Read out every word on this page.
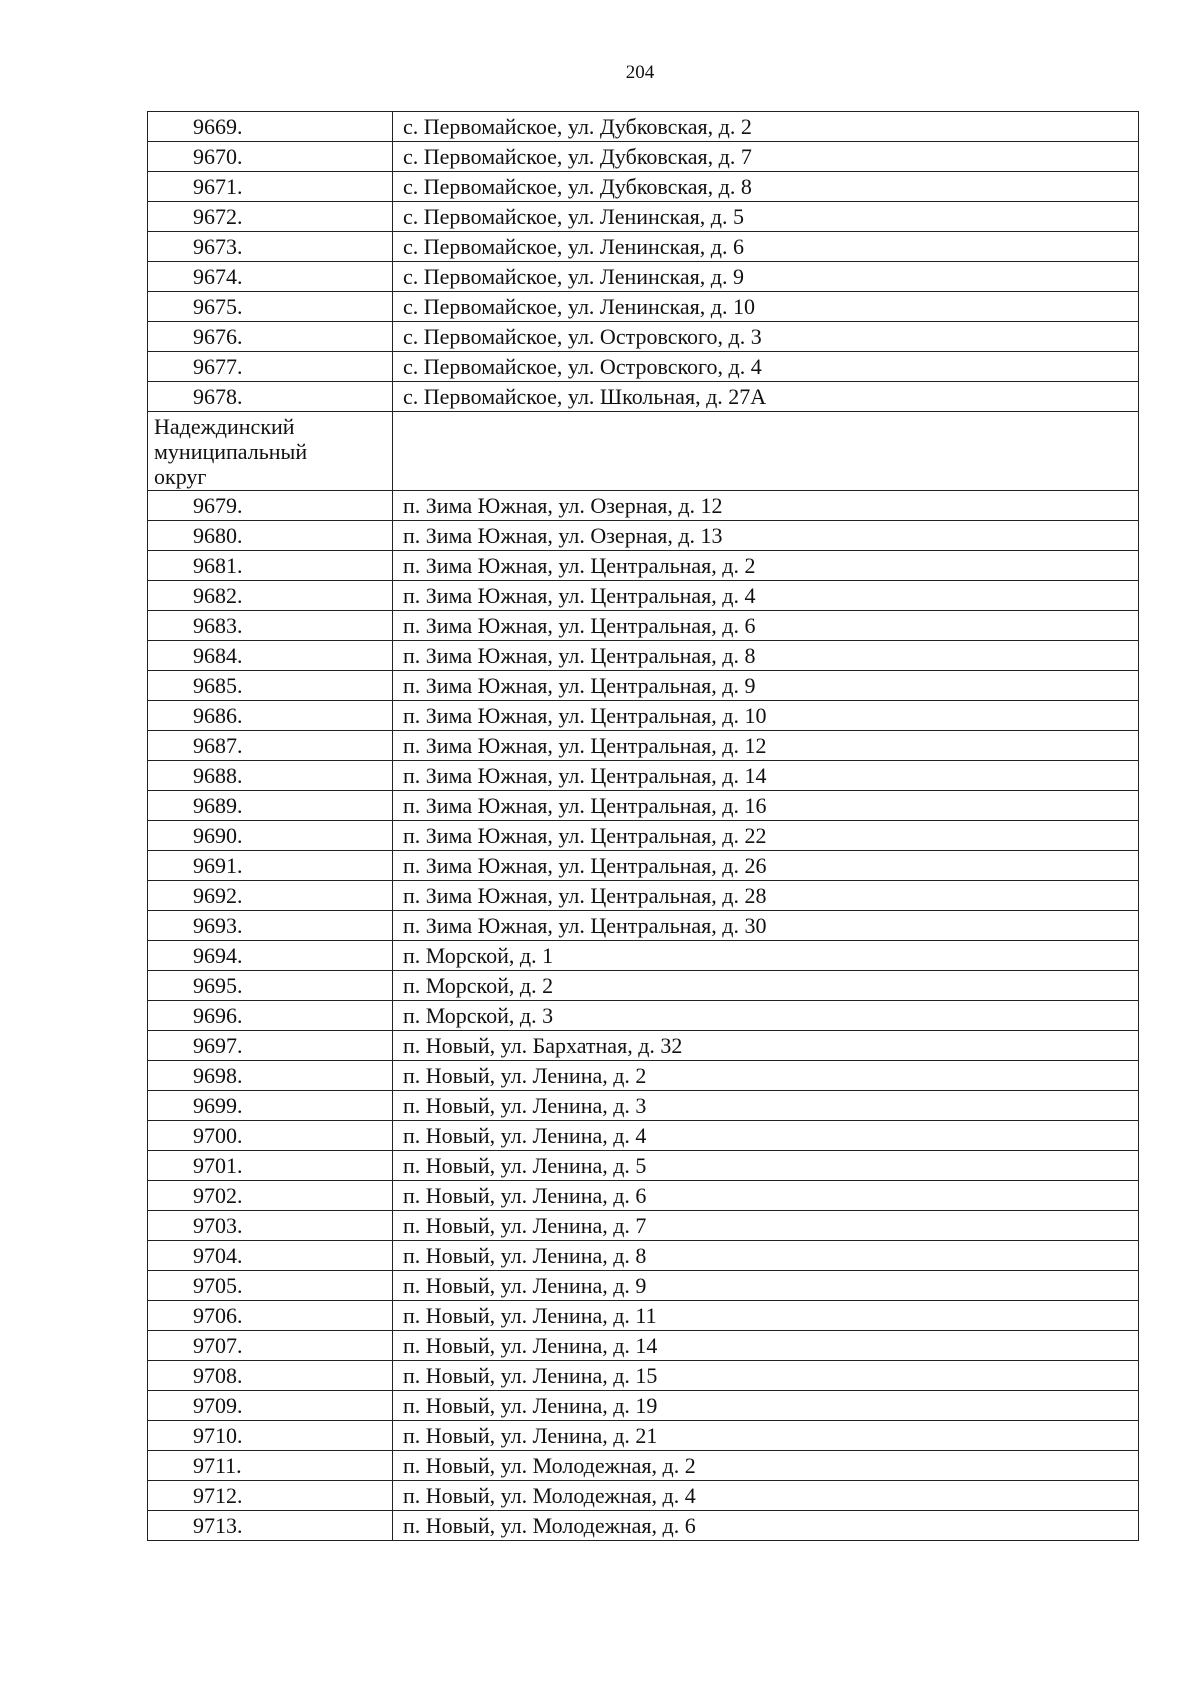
204
9669.	с. Первомайское, ул. Дубковская, д. 2
9670.	с. Первомайское, ул. Дубковская, д. 7
9671.	с. Первомайское, ул. Дубковская, д. 8
9672.	с. Первомайское, ул. Ленинская, д. 5
9673.	с. Первомайское, ул. Ленинская, д. 6
9674.	с. Первомайское, ул. Ленинская, д. 9
9675.	с. Первомайское, ул. Ленинская, д. 10
9676.	с. Первомайское, ул. Островского, д. 3
9677.	с. Первомайское, ул. Островского, д. 4
9678.	с. Первомайское, ул. Школьная, д. 27А

Надеждинский
муниципальный
округ	

9679.	п. Зима Южная, ул. Озерная, д. 12
9680.	п. Зима Южная, ул. Озерная, д. 13
9681.	п. Зима Южная, ул. Центральная, д. 2
9682.	п. Зима Южная, ул. Центральная, д. 4
9683.	п. Зима Южная, ул. Центральная, д. 6
9684.	п. Зима Южная, ул. Центральная, д. 8
9685.	п. Зима Южная, ул. Центральная, д. 9
9686.	п. Зима Южная, ул. Центральная, д. 10
9687.	п. Зима Южная, ул. Центральная, д. 12
9688.	п. Зима Южная, ул. Центральная, д. 14
9689.	п. Зима Южная, ул. Центральная, д. 16
9690.	п. Зима Южная, ул. Центральная, д. 22
9691.	п. Зима Южная, ул. Центральная, д. 26
9692.	п. Зима Южная, ул. Центральная, д. 28
9693.	п. Зима Южная, ул. Центральная, д. 30
9694.	п. Морской, д. 1
9695.	п. Морской, д. 2
9696.	п. Морской, д. 3
9697.	п. Новый, ул. Бархатная, д. 32
9698.	п. Новый, ул. Ленина, д. 2
9699.	п. Новый, ул. Ленина, д. 3
9700.	п. Новый, ул. Ленина, д. 4
9701.	п. Новый, ул. Ленина, д. 5
9702.	п. Новый, ул. Ленина, д. 6
9703.	п. Новый, ул. Ленина, д. 7
9704.	п. Новый, ул. Ленина, д. 8
9705.	п. Новый, ул. Ленина, д. 9
9706.	п. Новый, ул. Ленина, д. 11
9707.	п. Новый, ул. Ленина, д. 14
9708.	п. Новый, ул. Ленина, д. 15
9709.	п. Новый, ул. Ленина, д. 19
9710.	п. Новый, ул. Ленина, д. 21
9711.	п. Новый, ул. Молодежная, д. 2
9712.	п. Новый, ул. Молодежная, д. 4
9713.	п. Новый, ул. Молодежная, д. 6
